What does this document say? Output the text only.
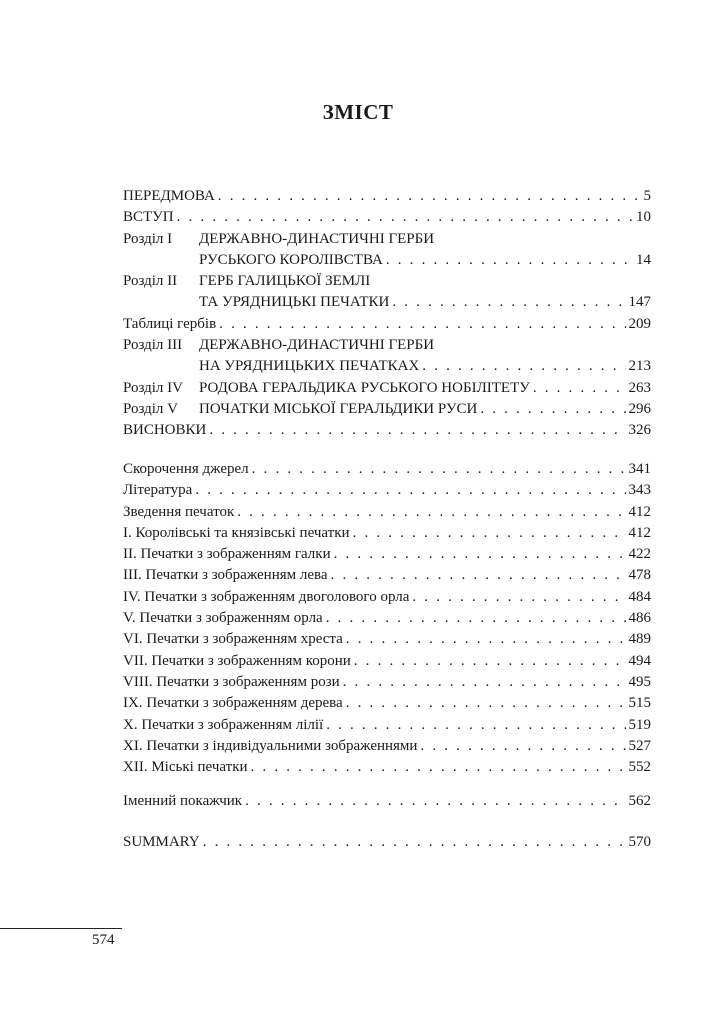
ЗМІСТ
ПЕРЕДМОВА . . .	5
ВСТУП . . .	10
Розділ I	ДЕРЖАВНО-ДИНАСТИЧНІ ГЕРБИ
РУСЬКОГО КОРОЛІВСТВА . . .	14
Розділ II	ГЕРБ ГАЛИЦЬКОЇ ЗЕМЛІ
ТА УРЯДНИЦЬКІ ПЕЧАТКИ . . .	147
Таблиці гербів . . .	209
Розділ III	ДЕРЖАВНО-ДИНАСТИЧНІ ГЕРБИ
НА УРЯДНИЦЬКИХ ПЕЧАТКАХ . . .	213
Розділ IV	РОДОВА ГЕРАЛЬДИКА РУСЬКОГО НОБІЛІТЕТУ . . .	263
Розділ V	ПОЧАТКИ МІСЬКОЇ ГЕРАЛЬДИКИ РУСИ . . .	296
ВИСНОВКИ . . .	326
Скорочення джерел . . .	341
Література . . .	343
Зведення печаток . . .	412
I. Королівські та князівські печатки . . .	412
II. Печатки з зображенням галки . . .	422
III. Печатки з зображенням лева . . .	478
IV. Печатки з зображенням двоголового орла . . .	484
V. Печатки з зображенням орла . . .	486
VI. Печатки з зображенням хреста . . .	489
VII. Печатки з зображенням корони . . .	494
VIII. Печатки з зображенням рози . . .	495
IX. Печатки з зображенням дерева . . .	515
X. Печатки з зображенням лілії . . .	519
XI. Печатки з індивідуальними зображеннями . . .	527
XII. Міські печатки . . .	552
Іменний покажчик . . .	562
SUMMARY . . .	570
574
